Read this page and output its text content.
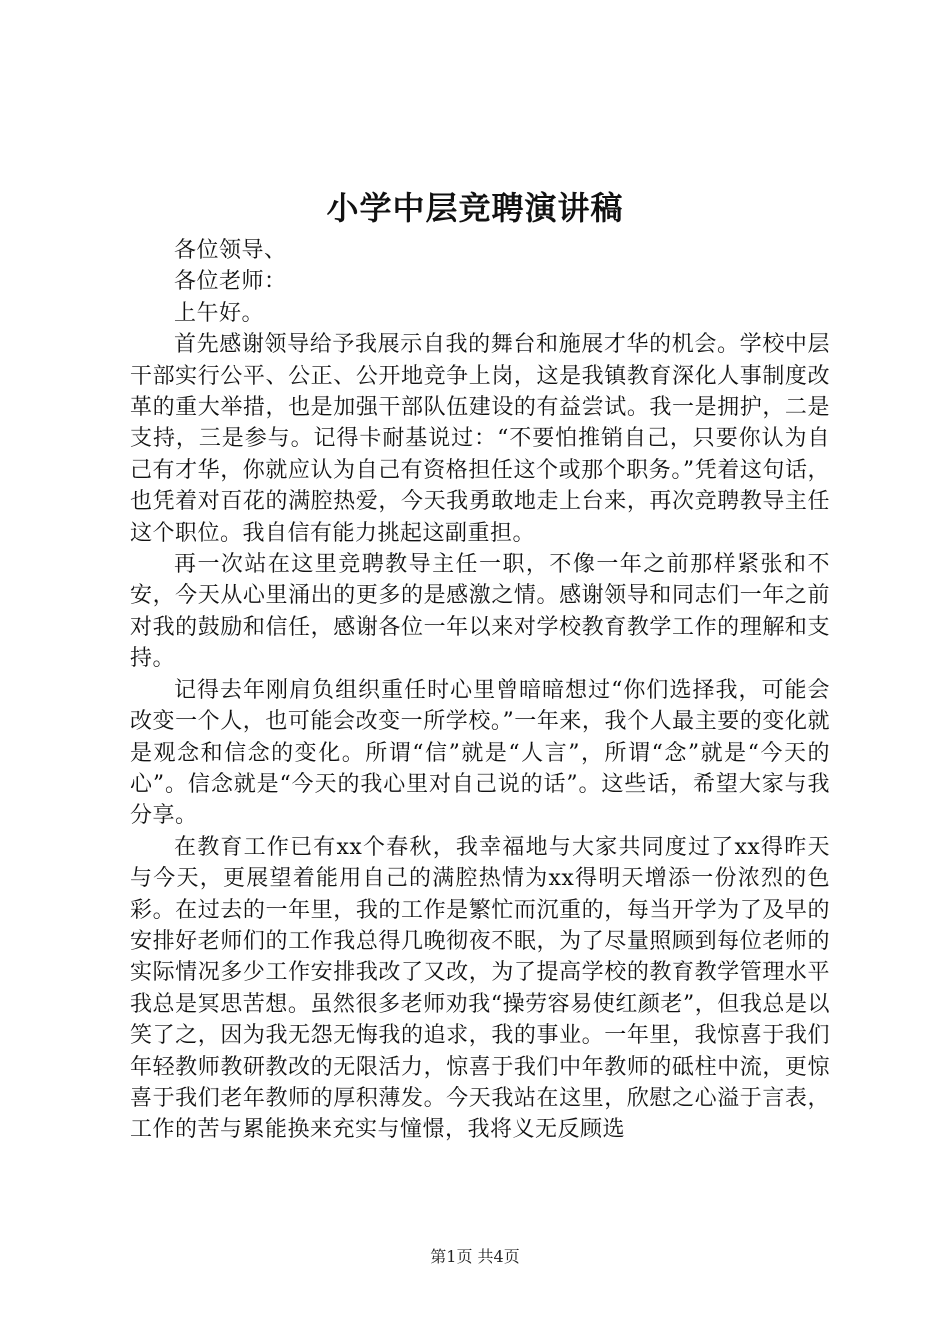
小学中层竞聘演讲稿

各位领导、

各位老师：

上午好。

首先感谢领导给予我展示自我的舞台和施展才华的机会。学校中层干部实行公平、公正、公开地竞争上岗，这是我镇教育深化人事制度改革的重大举措，也是加强干部队伍建设的有益尝试。我一是拥护，二是支持，三是参与。记得卡耐基说过：“不要怕推销自己，只要你认为自己有才华，你就应认为自己有资格担任这个或那个职务。”凭着这句话，也凭着对百花的满腔热爱，今天我勇敢地走上台来，再次竞聘教导主任这个职位。我自信有能力挑起这副重担。

再一次站在这里竞聘教导主任一职，不像一年之前那样紧张和不安，今天从心里涌出的更多的是感激之情。感谢领导和同志们一年之前对我的鼓励和信任，感谢各位一年以来对学校教育教学工作的理解和支持。

记得去年刚肩负组织重任时心里曾暗暗想过“你们选择我，可能会改变一个人，也可能会改变一所学校。”一年来，我个人最主要的变化就是观念和信念的变化。所谓“信”就是“人言”，所谓“念”就是“今天的心”。信念就是“今天的我心里对自己说的话”。这些话，希望大家与我分享。

在教育工作已有xx个春秋，我幸福地与大家共同度过了xx得昨天与今天，更展望着能用自己的满腔热情为xx得明天增添一份浓烈的色彩。在过去的一年里，我的工作是繁忙而沉重的，每当开学为了及早的安排好老师们的工作我总得几晚彻夜不眠，为了尽量照顾到每位老师的实际情况多少工作安排我改了又改，为了提高学校的教育教学管理水平我总是冥思苦想。虽然很多老师劝我“操劳容易使红颜老”，但我总是以笑了之，因为我无怨无悔我的追求，我的事业。一年里，我惊喜于我们年轻教师教研教改的无限活力，惊喜于我们中年教师的砥柱中流，更惊喜于我们老年教师的厚积薄发。今天我站在这里，欣慰之心溢于言表，工作的苦与累能换来充实与憧憬，我将义无反顾选

第1页 共4页
